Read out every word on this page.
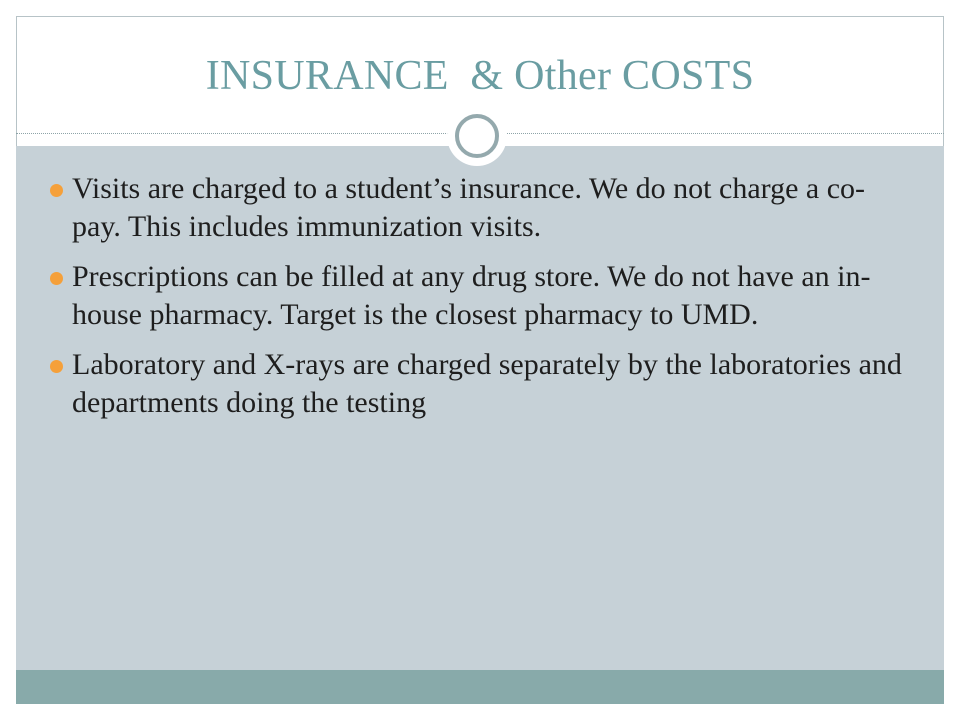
INSURANCE  & Other COSTS
Visits are charged to a student’s insurance. We do not charge a co-pay. This includes immunization visits.
Prescriptions can be filled at any drug store. We do not have an in-house pharmacy. Target is the closest pharmacy to UMD.
Laboratory and X-rays are charged separately by the laboratories and departments doing the testing
